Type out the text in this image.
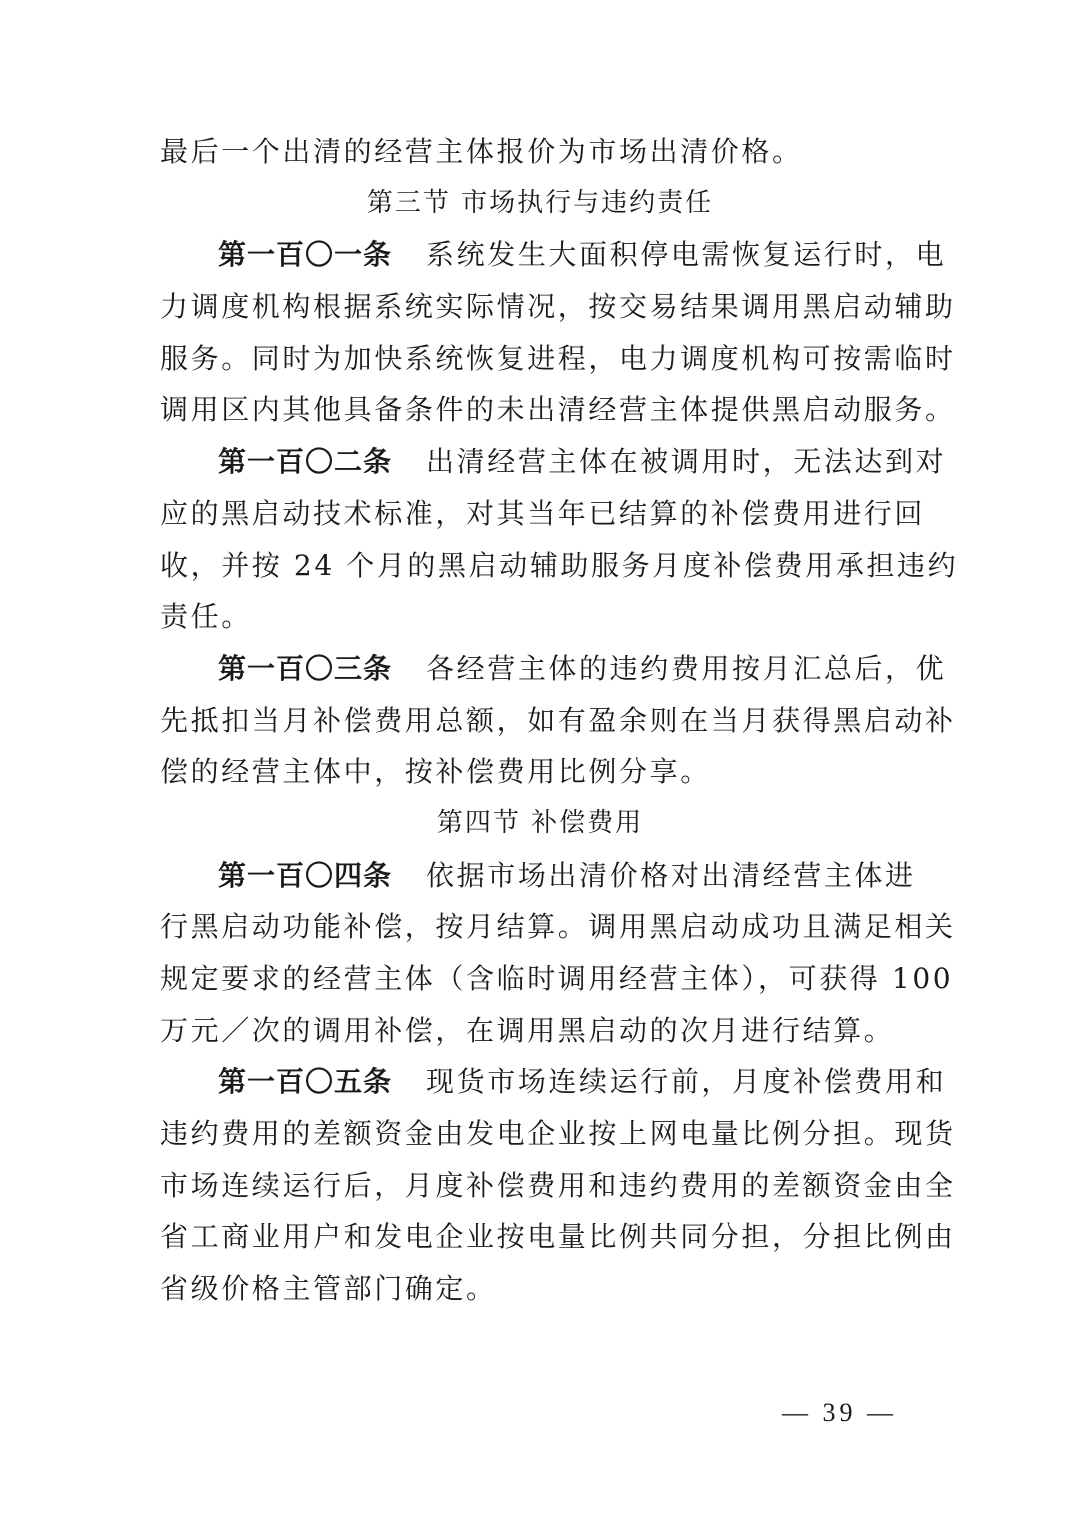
最后一个出清的经营主体报价为市场出清价格。
第三节 市场执行与违约责任
第一百〇一条 系统发生大面积停电需恢复运行时，电
力调度机构根据系统实际情况，按交易结果调用黑启动辅助
服务。同时为加快系统恢复进程，电力调度机构可按需临时
调用区内其他具备条件的未出清经营主体提供黑启动服务。
第一百〇二条 出清经营主体在被调用时，无法达到对
应的黑启动技术标准，对其当年已结算的补偿费用进行回
收，并按 24 个月的黑启动辅助服务月度补偿费用承担违约
责任。
第一百〇三条 各经营主体的违约费用按月汇总后，优
先抵扣当月补偿费用总额，如有盈余则在当月获得黑启动补
偿的经营主体中，按补偿费用比例分享。
第四节 补偿费用
第一百〇四条 依据市场出清价格对出清经营主体进
行黑启动功能补偿，按月结算。调用黑启动成功且满足相关
规定要求的经营主体（含临时调用经营主体），可获得 100
万元／次的调用补偿，在调用黑启动的次月进行结算。
第一百〇五条 现货市场连续运行前，月度补偿费用和
违约费用的差额资金由发电企业按上网电量比例分担。现货
市场连续运行后，月度补偿费用和违约费用的差额资金由全
省工商业用户和发电企业按电量比例共同分担，分担比例由
省级价格主管部门确定。
— 39 —
